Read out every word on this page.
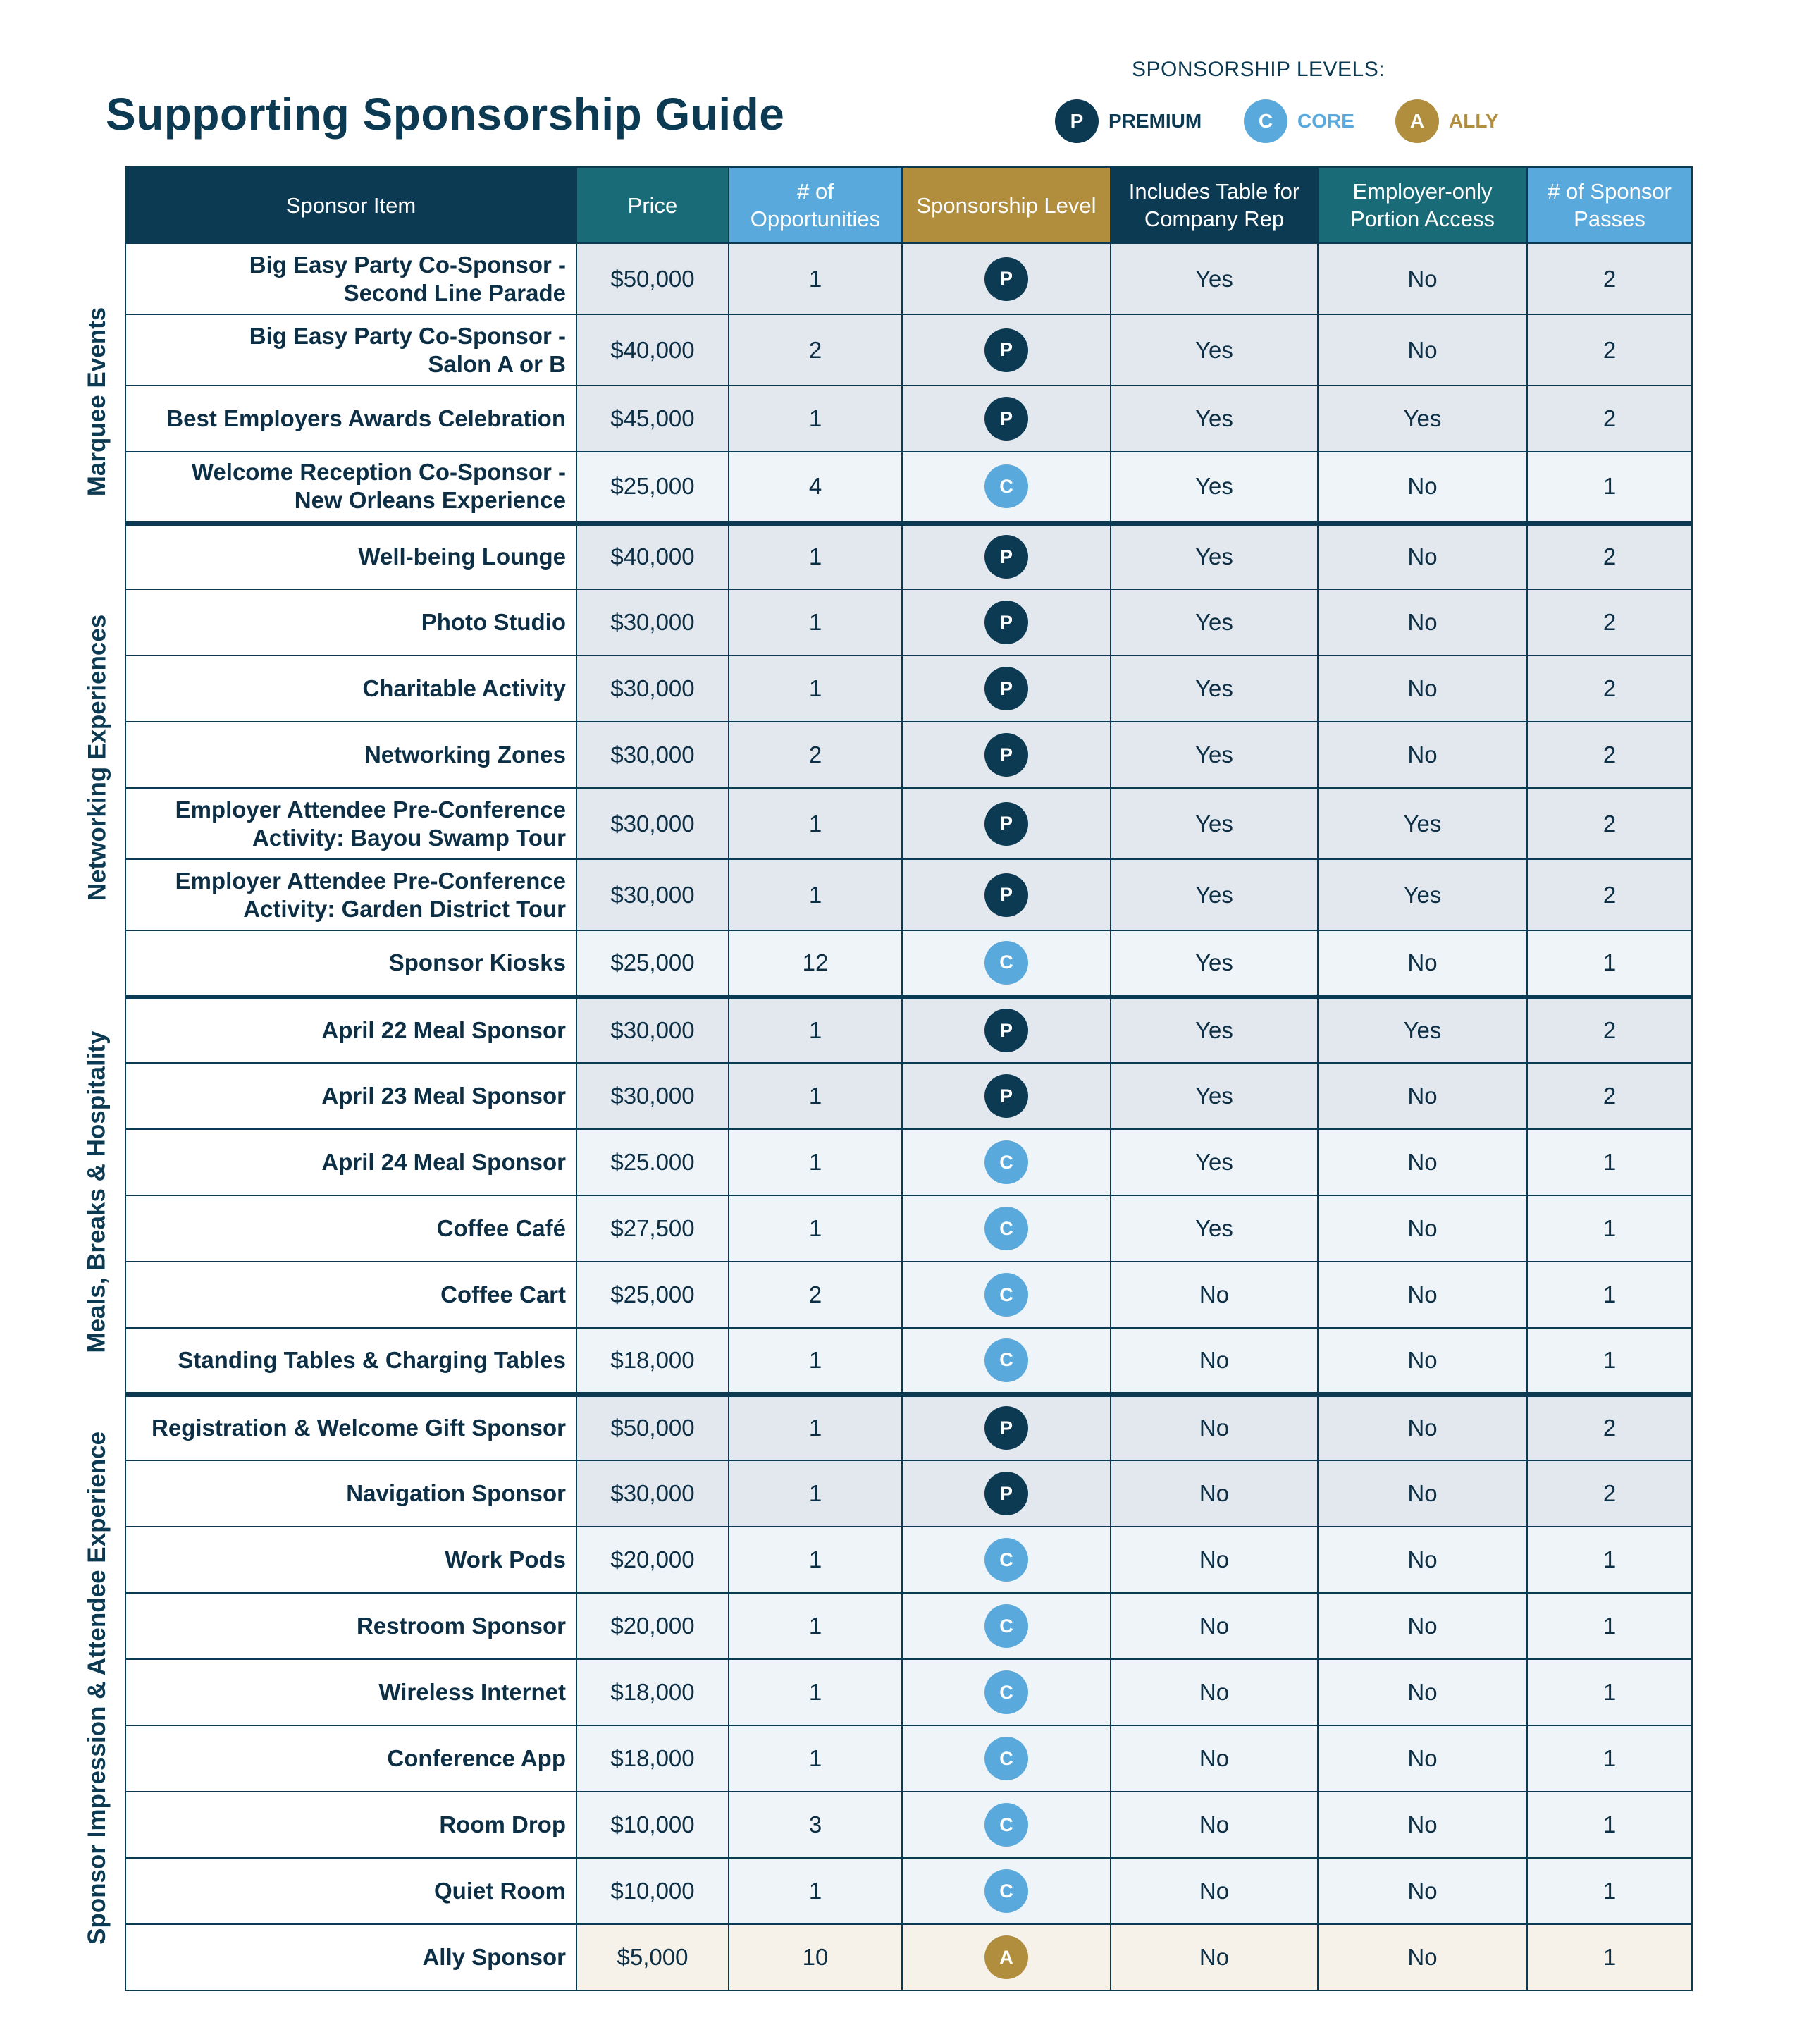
Supporting Sponsorship Guide
SPONSORSHIP LEVELS:
P	PREMIUM	C	CORE	A	ALLY
Marquee Events
Networking Experiences
Meals, Breaks & Hospitality
Sponsor Impression & Attendee Experience
Sponsor Item	Price	# of Opportunities	Sponsorship Level	Includes Table for Company Rep	Employer-only Portion Access	# of Sponsor Passes

Big Easy Party Co-Sponsor -
Second Line Parade	$50,000	1	P	Yes	No	2

Big Easy Party Co-Sponsor -
Salon A or B	$40,000	2	P	Yes	No	2

Best Employers Awards Celebration	$45,000	1	P	Yes	Yes	2

Welcome Reception Co-Sponsor -
New Orleans Experience	$25,000	4	C	Yes	No	1

Well-being Lounge	$40,000	1	P	Yes	No	2

Photo Studio	$30,000	1	P	Yes	No	2

Charitable Activity	$30,000	1	P	Yes	No	2

Networking Zones	$30,000	2	P	Yes	No	2

Employer Attendee Pre-Conference
Activity: Bayou Swamp Tour	$30,000	1	P	Yes	Yes	2

Employer Attendee Pre-Conference
Activity: Garden District Tour	$30,000	1	P	Yes	Yes	2

Sponsor Kiosks	$25,000	12	C	Yes	No	1

April 22 Meal Sponsor	$30,000	1	P	Yes	Yes	2

April 23 Meal Sponsor	$30,000	1	P	Yes	No	2

April 24 Meal Sponsor	$25.000	1	C	Yes	No	1

Coffee Café	$27,500	1	C	Yes	No	1

Coffee Cart	$25,000	2	C	No	No	1

Standing Tables & Charging Tables	$18,000	1	C	No	No	1

Registration & Welcome Gift Sponsor	$50,000	1	P	No	No	2

Navigation Sponsor	$30,000	1	P	No	No	2

Work Pods	$20,000	1	C	No	No	1

Restroom Sponsor	$20,000	1	C	No	No	1

Wireless Internet	$18,000	1	C	No	No	1

Conference App	$18,000	1	C	No	No	1

Room Drop	$10,000	3	C	No	No	1

Quiet Room	$10,000	1	C	No	No	1

Ally Sponsor	$5,000	10	A	No	No	1
